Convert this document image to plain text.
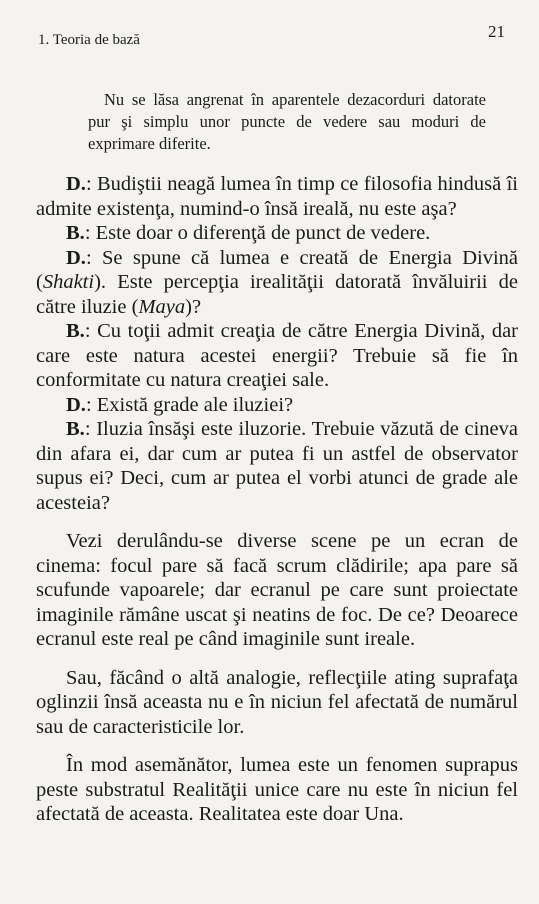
1. Teoria de bază	21

Nu se lăsa angrenat în aparentele dezacorduri datorate pur şi simplu unor puncte de vedere sau moduri de exprimare diferite.

D.: Budiştii neagă lumea în timp ce filosofia hindusă îi admite existenţa, numind-o însă ireală, nu este aşa?

B.: Este doar o diferenţă de punct de vedere.

D.: Se spune că lumea e creată de Energia Divină (Shakti). Este percepţia irealităţii datorată învăluirii de către iluzie (Maya)?

B.: Cu toţii admit creaţia de către Energia Divină, dar care este natura acestei energii? Trebuie să fie în conformitate cu natura creaţiei sale.

D.: Există grade ale iluziei?

B.: Iluzia însăşi este iluzorie. Trebuie văzută de cineva din afara ei, dar cum ar putea fi un astfel de observator supus ei? Deci, cum ar putea el vorbi atunci de grade ale acesteia?

Vezi derulându-se diverse scene pe un ecran de cinema: focul pare să facă scrum clădirile; apa pare să scufunde vapoarele; dar ecranul pe care sunt proiectate imaginile rămâne uscat şi neatins de foc. De ce? Deoarece ecranul este real pe când imaginile sunt ireale.

Sau, făcând o altă analogie, reflecţiile ating suprafaţa oglinzii însă aceasta nu e în niciun fel afectată de numărul sau de caracteristicile lor.

În mod asemănător, lumea este un fenomen suprapus peste substratul Realităţii unice care nu este în niciun fel afectată de aceasta. Realitatea este doar Una.
